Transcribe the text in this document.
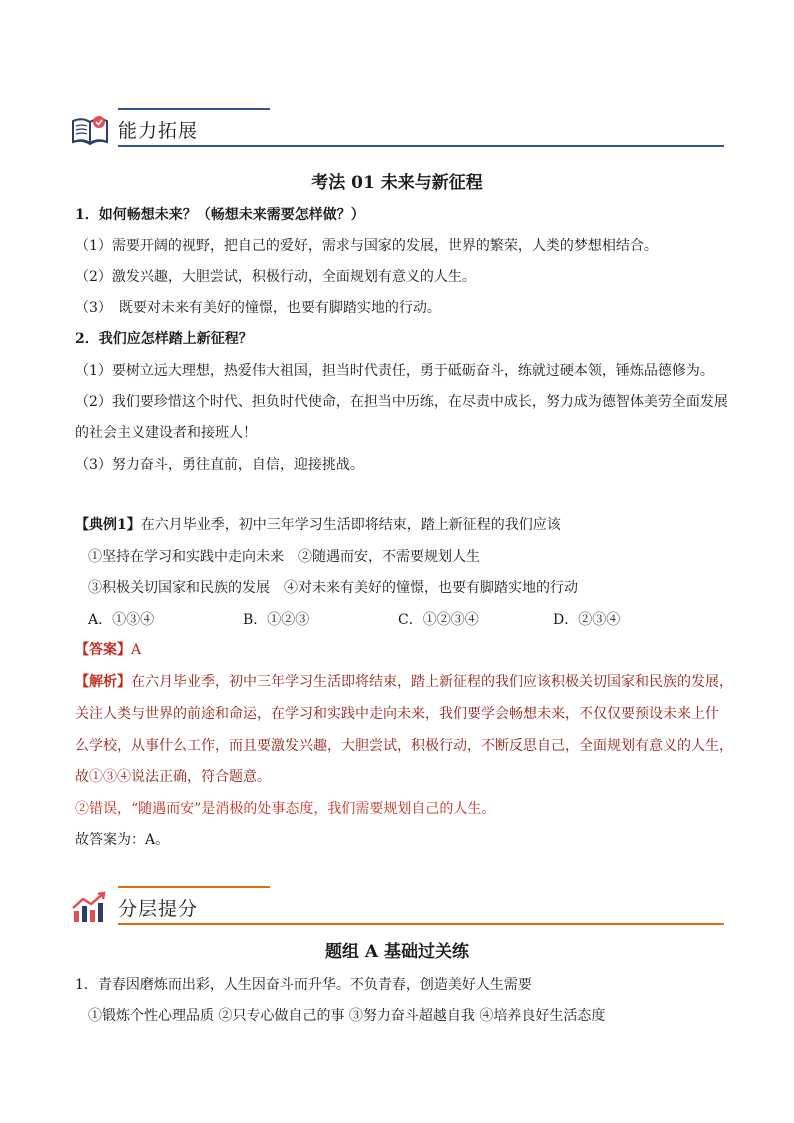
能力拓展
考法 01 未来与新征程
1．如何畅想未来？（畅想未来需要怎样做？）
（1）需要开阔的视野，把自己的爱好，需求与国家的发展，世界的繁荣，人类的梦想相结合。
（2）激发兴趣，大胆尝试，积极行动，全面规划有意义的人生。
（3）　既要对未来有美好的憧憬，也要有脚踏实地的行动。
2．我们应怎样踏上新征程？
（1）要树立远大理想，热爱伟大祖国，担当时代责任，勇于砥砺奋斗，练就过硬本领，锤炼品德修为。
（2）我们要珍惜这个时代、担负时代使命，在担当中历练，在尽责中成长，努力成为德智体美劳全面发展
的社会主义建设者和接班人！
（3）努力奋斗，勇往直前，自信，迎接挑战。
【典例1】在六月毕业季，初中三年学习生活即将结束，踏上新征程的我们应该
①坚持在学习和实践中走向未来　②随遇而安，不需要规划人生
③积极关切国家和民族的发展　④对未来有美好的憧憬，也要有脚踏实地的行动
A．①③④	B．①②③	C．①②③④	D．②③④
【答案】A
【解析】在六月毕业季，初中三年学习生活即将结束，踏上新征程的我们应该积极关切国家和民族的发展，
关注人类与世界的前途和命运，在学习和实践中走向未来，我们要学会畅想未来，不仅仅要预设未来上什
么学校，从事什么工作，而且要激发兴趣，大胆尝试，积极行动，不断反思自己，全面规划有意义的人生，
故①③④说法正确，符合题意。
②错误，“随遇而安”是消极的处事态度，我们需要规划自己的人生。
故答案为：A。
分层提分
题组 A 基础过关练
1．青春因磨炼而出彩，人生因奋斗而升华。不负青春，创造美好人生需要
①锻炼个性心理品质 ②只专心做自己的事 ③努力奋斗超越自我 ④培养良好生活态度
